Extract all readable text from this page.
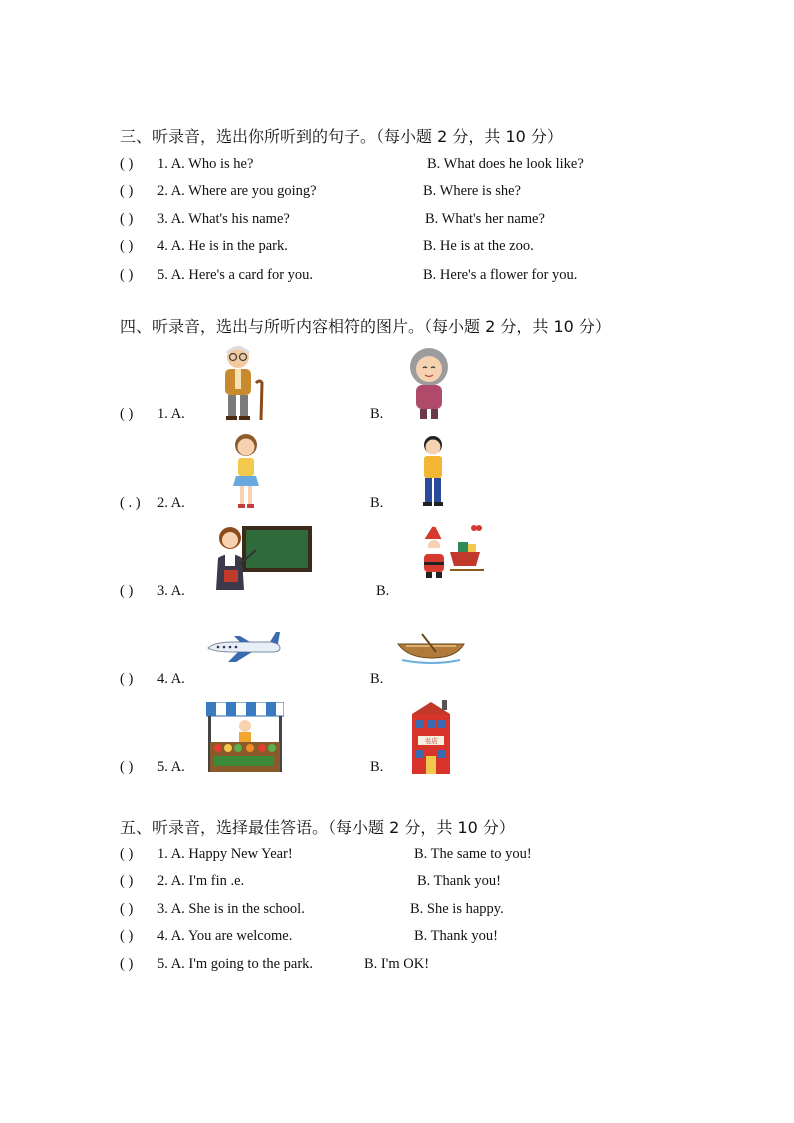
三、听录音，选出你所听到的句子。（每小题 2 分，共 10 分）
( ) 1. A. Who is he?	B. What does he look like?
( ) 2. A. Where are you going?	B. Where is she?
( ) 3. A. What's his name?	B. What's her name?
( ) 4. A. He is in the park.	B. He is at the zoo.
( ) 5. A. Here's a card for you.	B. Here's a flower for you.
四、听录音，选出与所听内容相符的图片。（每小题 2 分，共 10 分）
( ) 1. A.	B.
( . ) 2. A.	B.
( ) 3. A.	B.
( ) 4. A.	B.
( ) 5. A.	B.
书店
五、听录音，选择最佳答语。（每小题 2 分，共 10 分）
( ) 1. A. Happy New Year!	B. The same to you!
( ) 2. A. I'm fin .e.	B. Thank you!
( ) 3. A. She is in the school.	B. She is happy.
( ) 4. A. You are welcome.	B. Thank you!
( ) 5. A. I'm going to the park.	B. I'm OK!
